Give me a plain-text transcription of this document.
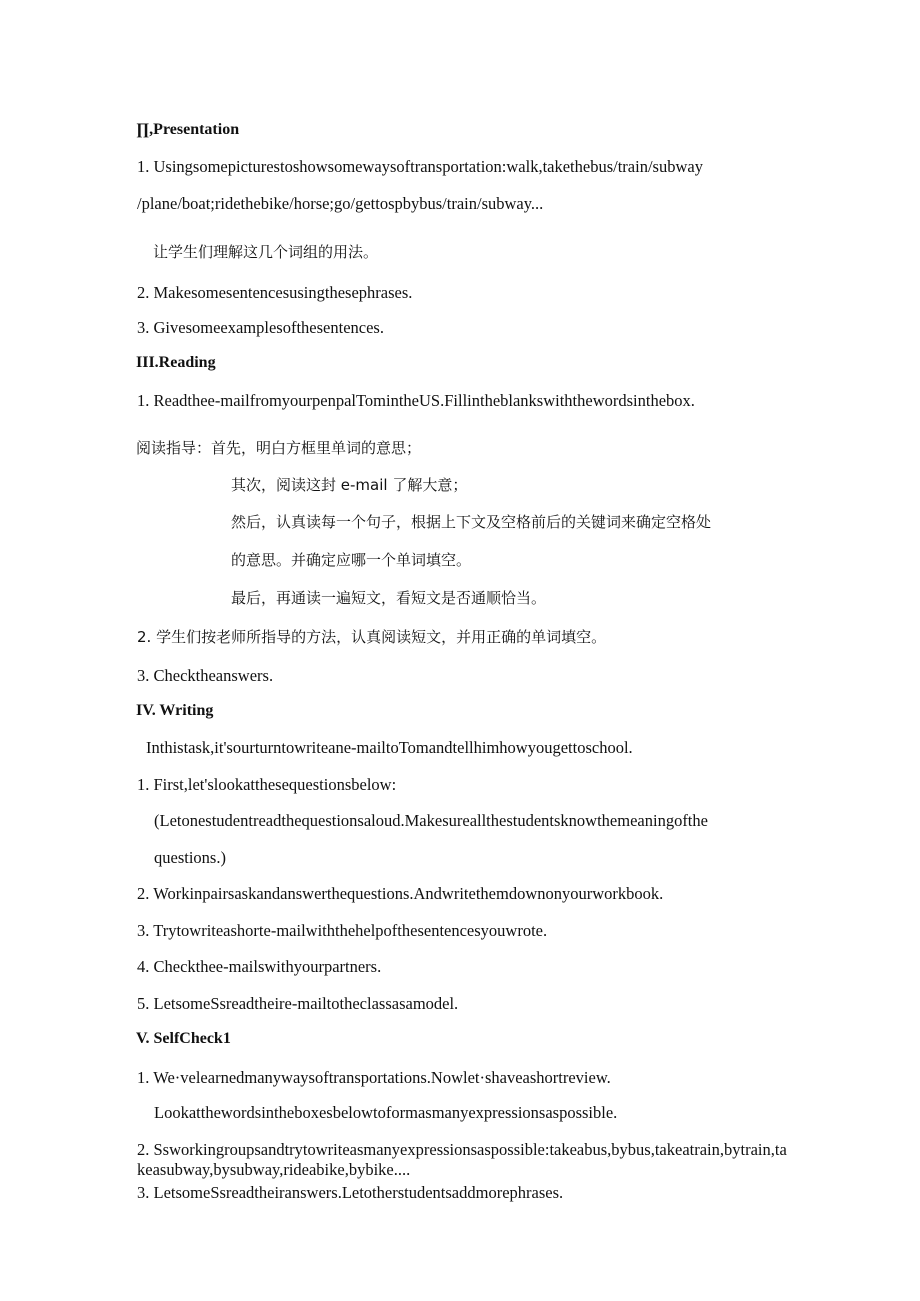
∏,Presentation
1. Usingsomepicturestoshowsomewaysoftransportation:walk,takethebus/train/subway
/plane/boat;ridethebike/horse;go/gettospbybus/train/subway...
让学生们理解这几个词组的用法。
2. Makesomesentencesusingthesephrases.
3. Givesomeexamplesofthesentences.
III.Reading
1. Readthee-mailfromyourpenpalTomintheUS.Fillintheblankswiththewordsinthebox.
阅读指导：首先，明白方框里单词的意思；
其次，阅读这封 e-mail 了解大意；
然后，认真读每一个句子，根据上下文及空格前后的关键词来确定空格处
的意思。并确定应哪一个单词填空。
最后，再通读一遍短文，看短文是否通顺恰当。
2. 学生们按老师所指导的方法，认真阅读短文，并用正确的单词填空。
3. Checktheanswers.
IV. Writing
Inthistask,it'sourturntowriteane-mailtoTomandtellhimhowyougettoschool.
1. First,let'slookatthesequestionsbelow:
(Letonestudentreadthequestionsaloud.Makesureallthestudentsknowthemeaningofthe
questions.)
2. Workinpairsaskandanswerthequestions.Andwritethemdownonyourworkbook.
3. Trytowriteashorte-mailwiththehelpofthesentencesyouwrote.
4. Checkthee-mailswithyourpartners.
5. LetsomeSsreadtheire-mailtotheclassasamodel.
V. SelfCheck1
1. We·velearnedmanywaysoftransportations.Nowlet·shaveashortreview.
Lookatthewordsintheboxesbelowtoformasmanyexpressionsaspossible.
2. Ssworkingroupsandtrytowriteasmanyexpressionsaspossible:takeabus,bybus,takeatrain,bytrain,takeasubway,bysubway,rideabike,bybike....
3. LetsomeSsreadtheiranswers.Letotherstudentsaddmorephrases.
